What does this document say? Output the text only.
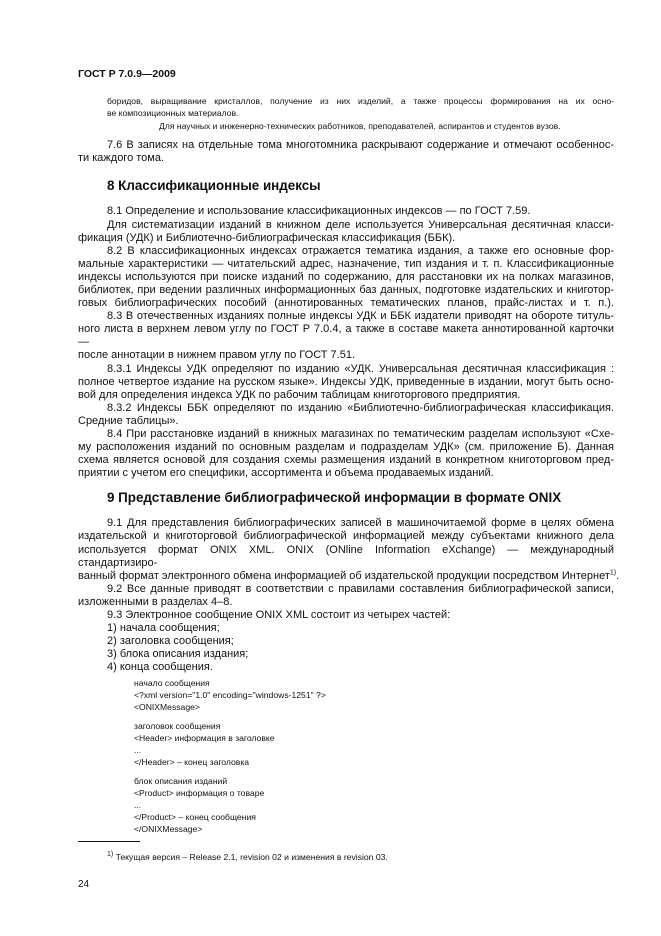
ГОСТ Р 7.0.9—2009
боридов, выращивание кристаллов, получение из них изделий, а также процессы формирования на их осно-
ве композиционных материалов.
Для научных и инженерно-технических работников, преподавателей, аспирантов и студентов вузов.
7.6 В записях на отдельные тома многотомника раскрывают содержание и отмечают особеннос-
ти каждого тома.
8 Классификационные индексы
8.1 Определение и использование классификационных индексов — по ГОСТ 7.59.
Для систематизации изданий в книжном деле используется Универсальная десятичная класси-
фикация (УДК) и Библиотечно-библиографическая классификация (ББК).
8.2 В классификационных индексах отражается тематика издания, а также его основные фор-
мальные характеристики — читательский адрес, назначение, тип издания и т. п. Классификационные
индексы используются при поиске изданий по содержанию, для расстановки их на полках магазинов,
библиотек, при ведении различных информационных баз данных, подготовке издательских и книготор-
говых библиографических пособий (аннотированных тематических планов, прайс-листах и т. п.).
8.3 В отечественных изданиях полные индексы УДК и ББК издатели приводят на обороте титуль-
ного листа в верхнем левом углу по ГОСТ Р 7.0.4, а также в составе макета аннотированной карточки —
после аннотации в нижнем правом углу по ГОСТ 7.51.
8.3.1 Индексы УДК определяют по изданию «УДК. Универсальная десятичная классификация :
полное четвертое издание на русском языке». Индексы УДК, приведенные в издании, могут быть осно-
вой для определения индекса УДК по рабочим таблицам книготоргового предприятия.
8.3.2 Индексы ББК определяют по изданию «Библиотечно-библиографическая классификация.
Средние таблицы».
8.4 При расстановке изданий в книжных магазинах по тематическим разделам используют «Схе-
му расположения изданий по основным разделам и подразделам УДК» (см. приложение Б). Данная
схема является основой для создания схемы размещения изданий в конкретном книготорговом пред-
приятии с учетом его специфики, ассортимента и объема продаваемых изданий.
9 Представление библиографической информации в формате ONIX
9.1 Для представления библиографических записей в машиночитаемой форме в целях обмена
издательской и книготорговой библиографической информацией между субъектами книжного дела
используется формат ONIX XML. ONIX (ONline Information eXchange) — международный стандартизиро-
ванный формат электронного обмена информацией об издательской продукции посредством Интернет$^{1)}$.
9.2 Все данные приводят в соответствии с правилами составления библиографической записи,
изложенными в разделах 4–8.
9.3 Электронное сообщение ONIX XML состоит из четырех частей:
1) начала сообщения;
2) заголовка сообщения;
3) блока описания издания;
4) конца сообщения.
начало сообщения
<?xml version="1.0" encoding="windows-1251" ?>
<ONIXMessage>
заголовок сообщения
<Header> информация в заголовке
...
</Header> – конец заголовка
блок описания изданий
<Product> информация о товаре
...
</Product> – конец сообщения
</ONIXMessage>
$^{1)}$ Текущая версия – Release 2.1, revision 02 и изменения в revision 03.
24
